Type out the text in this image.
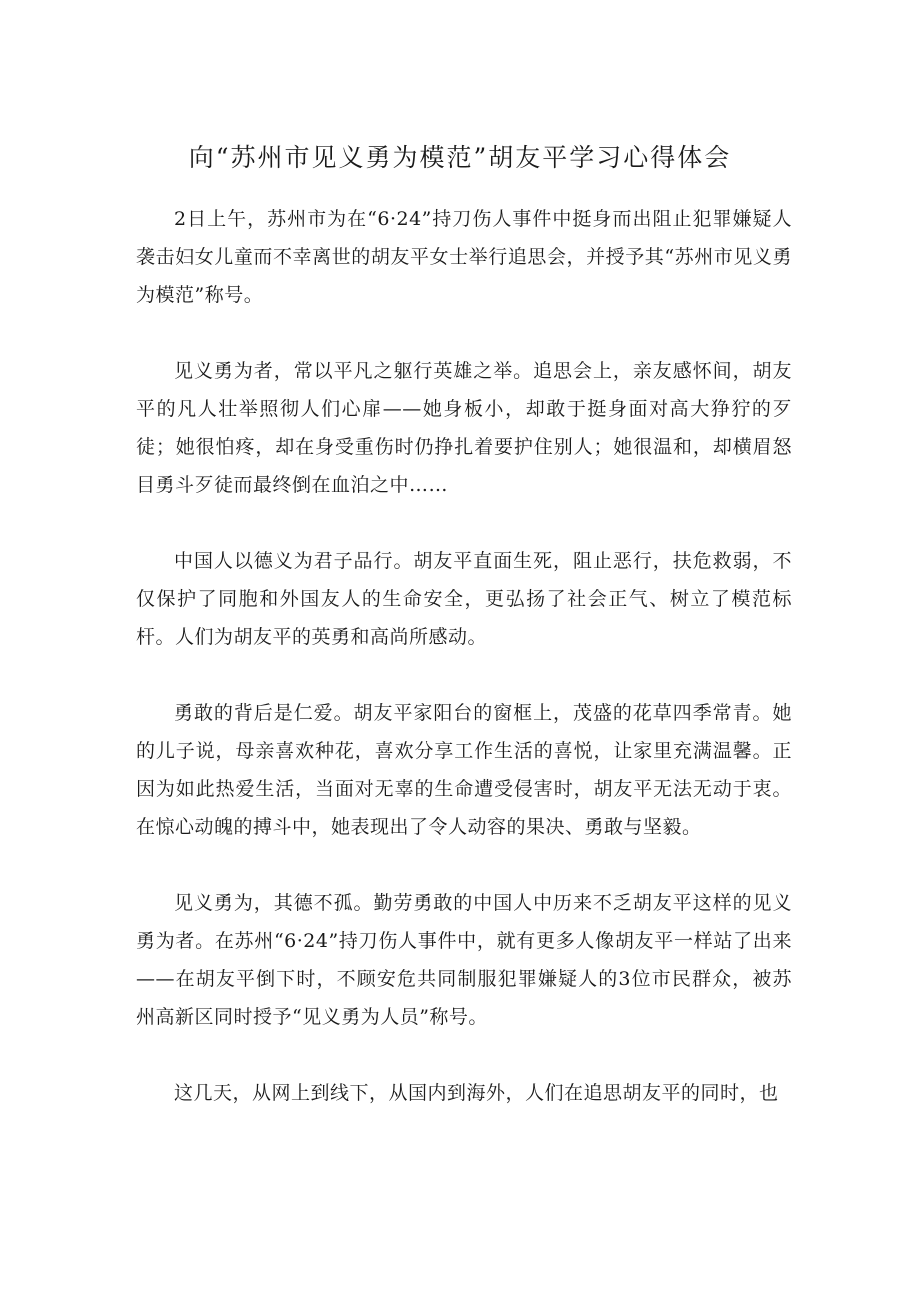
向“苏州市见义勇为模范”胡友平学习心得体会

2日上午，苏州市为在“6·24”持刀伤人事件中挺身而出阻止犯罪嫌疑人袭击妇女儿童而不幸离世的胡友平女士举行追思会，并授予其“苏州市见义勇为模范”称号。

见义勇为者，常以平凡之躯行英雄之举。追思会上，亲友感怀间，胡友平的凡人壮举照彻人们心扉——她身板小，却敢于挺身面对高大狰狞的歹徒；她很怕疼，却在身受重伤时仍挣扎着要护住别人；她很温和，却横眉怒目勇斗歹徒而最终倒在血泊之中……

中国人以德义为君子品行。胡友平直面生死，阻止恶行，扶危救弱，不仅保护了同胞和外国友人的生命安全，更弘扬了社会正气、树立了模范标杆。人们为胡友平的英勇和高尚所感动。

勇敢的背后是仁爱。胡友平家阳台的窗框上，茂盛的花草四季常青。她的儿子说，母亲喜欢种花，喜欢分享工作生活的喜悦，让家里充满温馨。正因为如此热爱生活，当面对无辜的生命遭受侵害时，胡友平无法无动于衷。在惊心动魄的搏斗中，她表现出了令人动容的果决、勇敢与坚毅。

见义勇为，其德不孤。勤劳勇敢的中国人中历来不乏胡友平这样的见义勇为者。在苏州“6·24”持刀伤人事件中，就有更多人像胡友平一样站了出来——在胡友平倒下时，不顾安危共同制服犯罪嫌疑人的3位市民群众，被苏州高新区同时授予“见义勇为人员”称号。

这几天，从网上到线下，从国内到海外，人们在追思胡友平的同时，也
